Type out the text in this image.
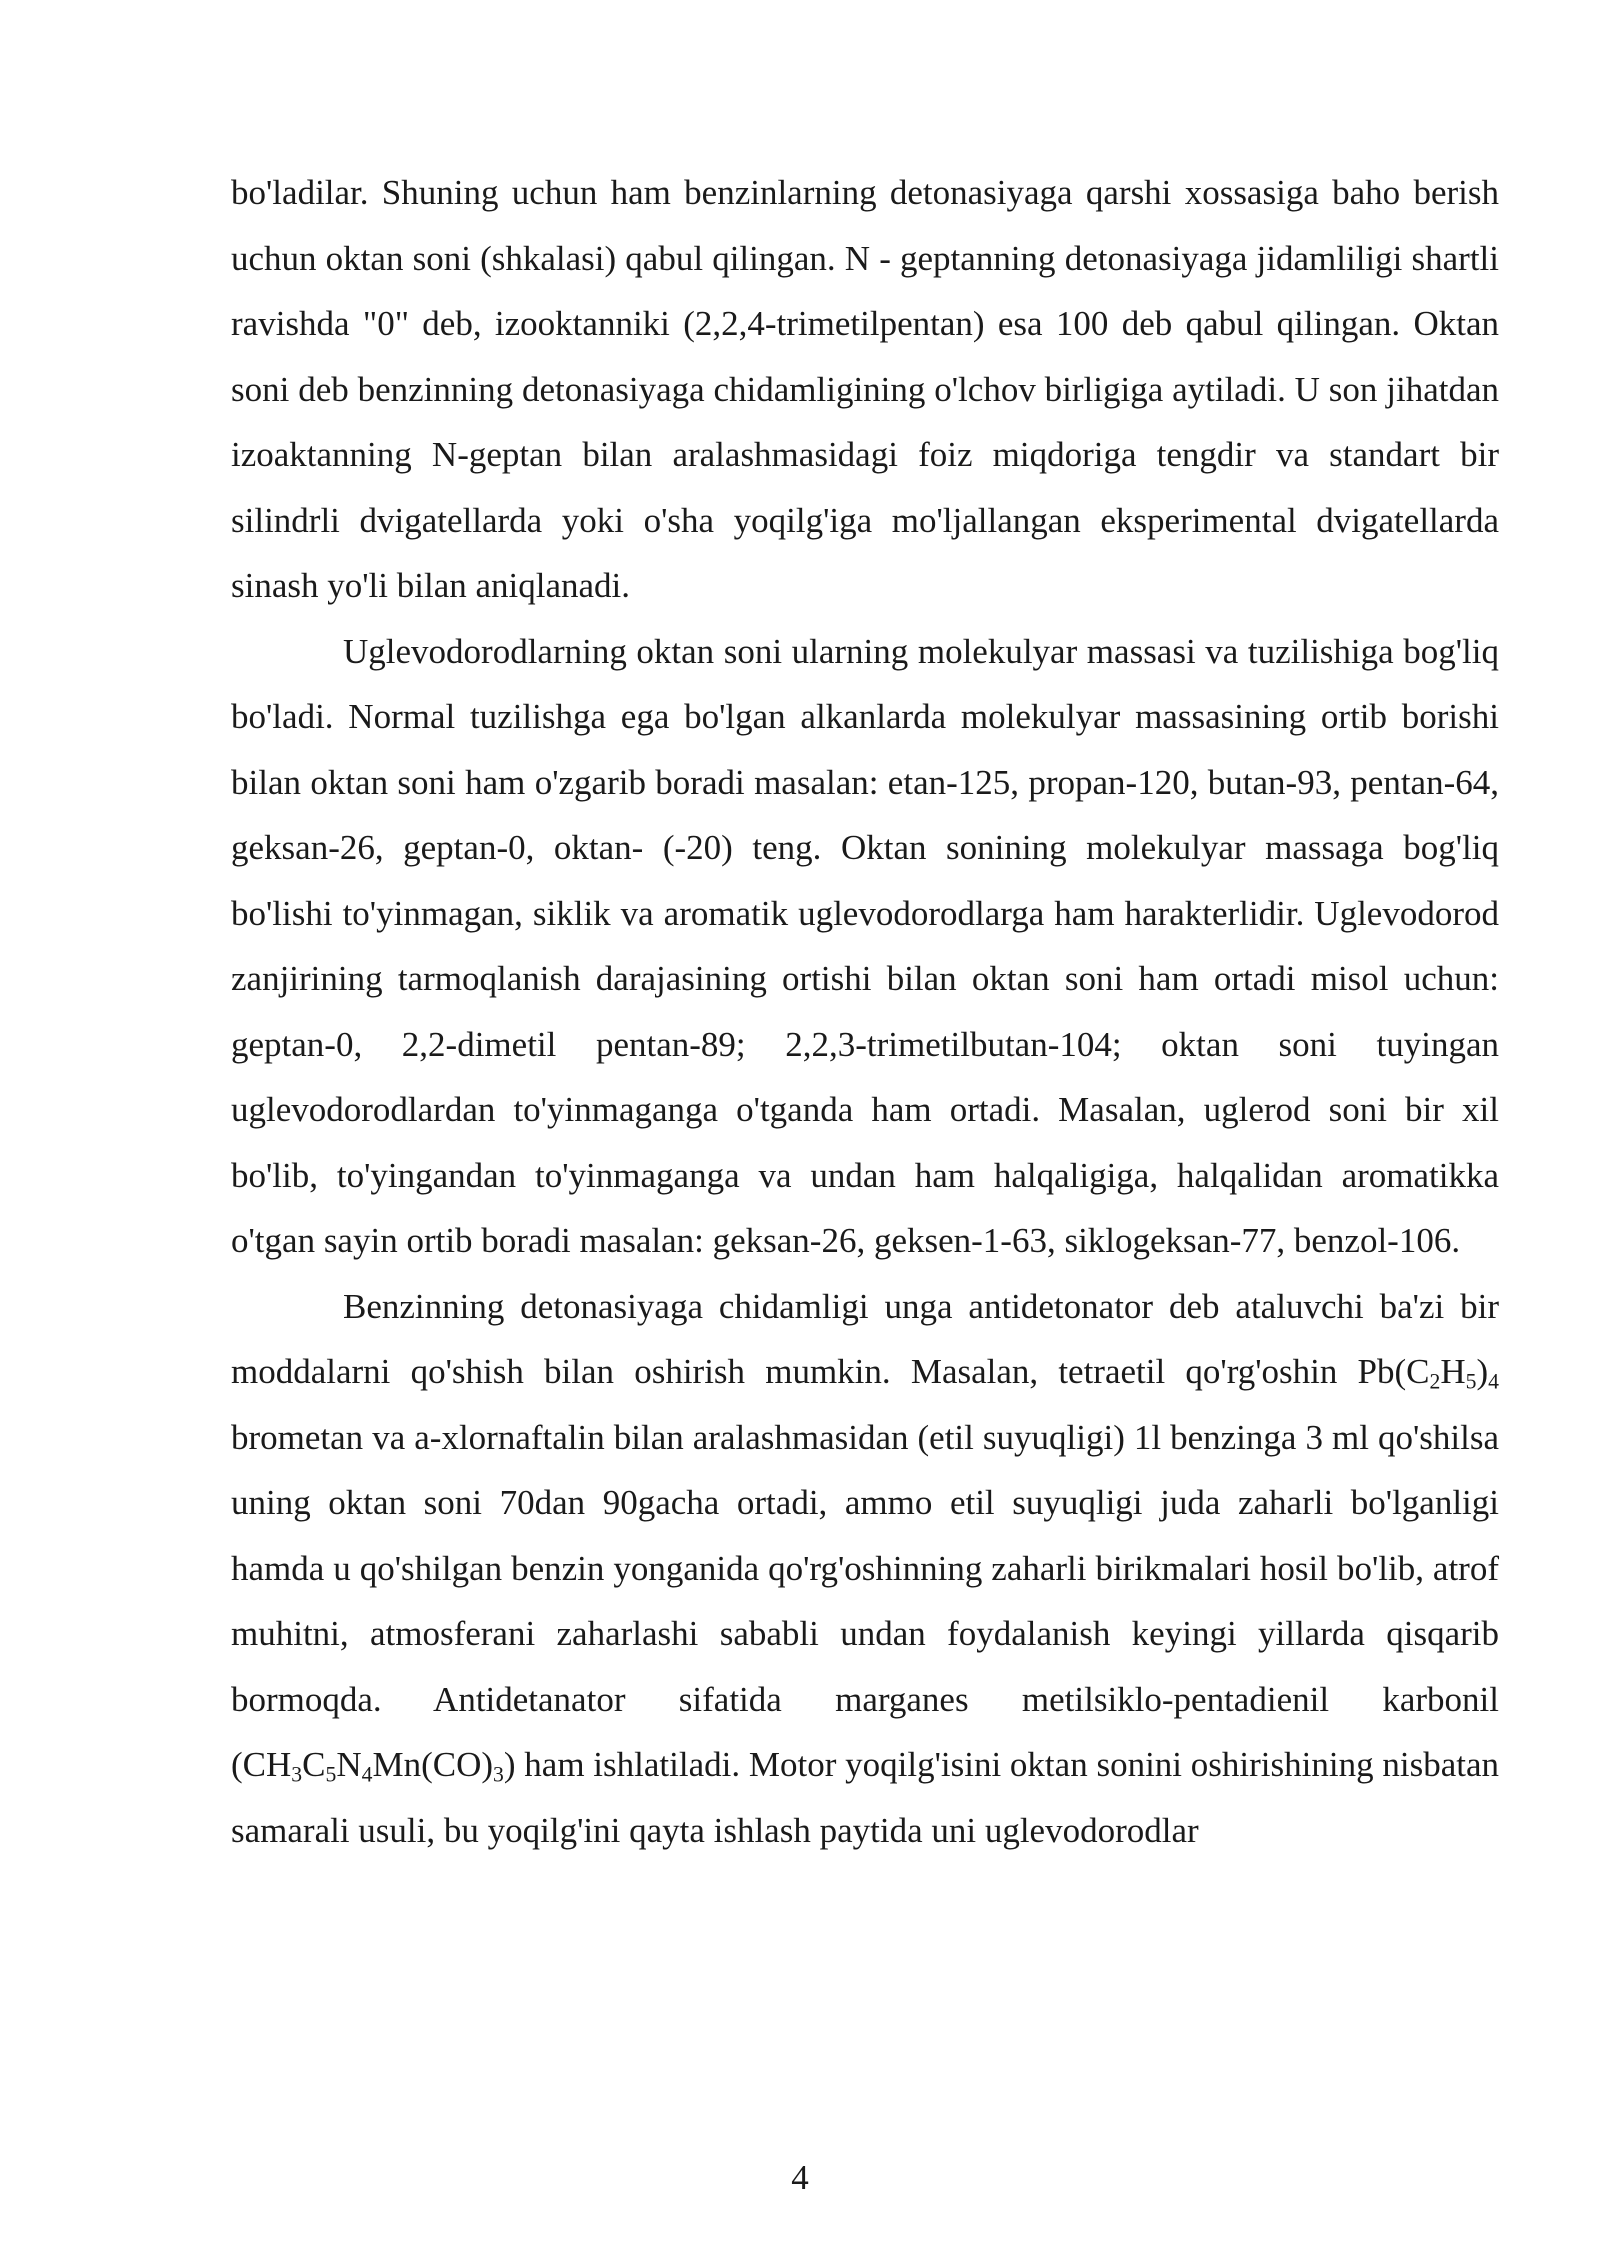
bo'ladilar. Shuning uchun ham benzinlarning detonasiyaga qarshi xossasiga baho berish uchun oktan soni (shkalasi) qabul qilingan. N - geptanning detonasiyaga jidamliligi shartli ravishda "0" deb, izooktanniki (2,2,4-trimetilpentan) esa 100 deb qabul qilingan. Oktan soni deb benzinning detonasiyaga chidamligining o'lchov birligiga aytiladi. U son jihatdan izoaktanning N-geptan bilan aralashmasidagi foiz miqdoriga tengdir va standart bir silindrli dvigatellarda yoki o'sha yoqilg'iga mo'ljallangan eksperimental dvigatellarda sinash yo'li bilan aniqlanadi.

Uglevodorodlarning oktan soni ularning molekulyar massasi va tuzilishiga bog'liq bo'ladi. Normal tuzilishga ega bo'lgan alkanlarda molekulyar massasining ortib borishi bilan oktan soni ham o'zgarib boradi masalan: etan-125, propan-120, butan-93, pentan-64, geksan-26, geptan-0, oktan- (-20) teng. Oktan sonining molekulyar massaga bog'liq bo'lishi to'yinmagan, siklik va aromatik uglevodorodlarga ham harakterlidir. Uglevodorod zanjirining tarmoqlanish darajasining ortishi bilan oktan soni ham ortadi misol uchun: geptan-0, 2,2-dimetil pentan-89; 2,2,3-trimetilbutan-104; oktan soni tuyingan uglevodorodlardan to'yinmaganga o'tganda ham ortadi. Masalan, uglerod soni bir xil bo'lib, to'yingandan to'yinmaganga va undan ham halqaligiga, halqalidan aromatikka o'tgan sayin ortib boradi masalan: geksan-26, geksen-1-63, siklogeksan-77, benzol-106.

Benzinning detonasiyaga chidamligi unga antidetonator deb ataluvchi ba'zi bir moddalarni qo'shish bilan oshirish mumkin. Masalan, tetraetil qo'rg'oshin $Pb(C_2H_5)_4$ brometan va a-xlornaftalin bilan aralashmasidan (etil suyuqligi) 1l benzinga 3 ml qo'shilsa uning oktan soni 70dan 90gacha ortadi, ammo etil suyuqligi juda zaharli bo'lganligi hamda u qo'shilgan benzin yonganida qo'rg'oshinning zaharli birikmalari hosil bo'lib, atrof muhitni, atmosferani zaharlashi sababli undan foydalanish keyingi yillarda qisqarib bormoqda. Antidetanator sifatida marganes metilsiklo-pentadienil karbonil $(CH_3C_5N_4Mn(CO)_3)$ ham ishlatiladi. Motor yoqilg'isini oktan sonini oshirishining nisbatan samarali usuli, bu yoqilg'ini qayta ishlash paytida uni uglevodorodlar

4
